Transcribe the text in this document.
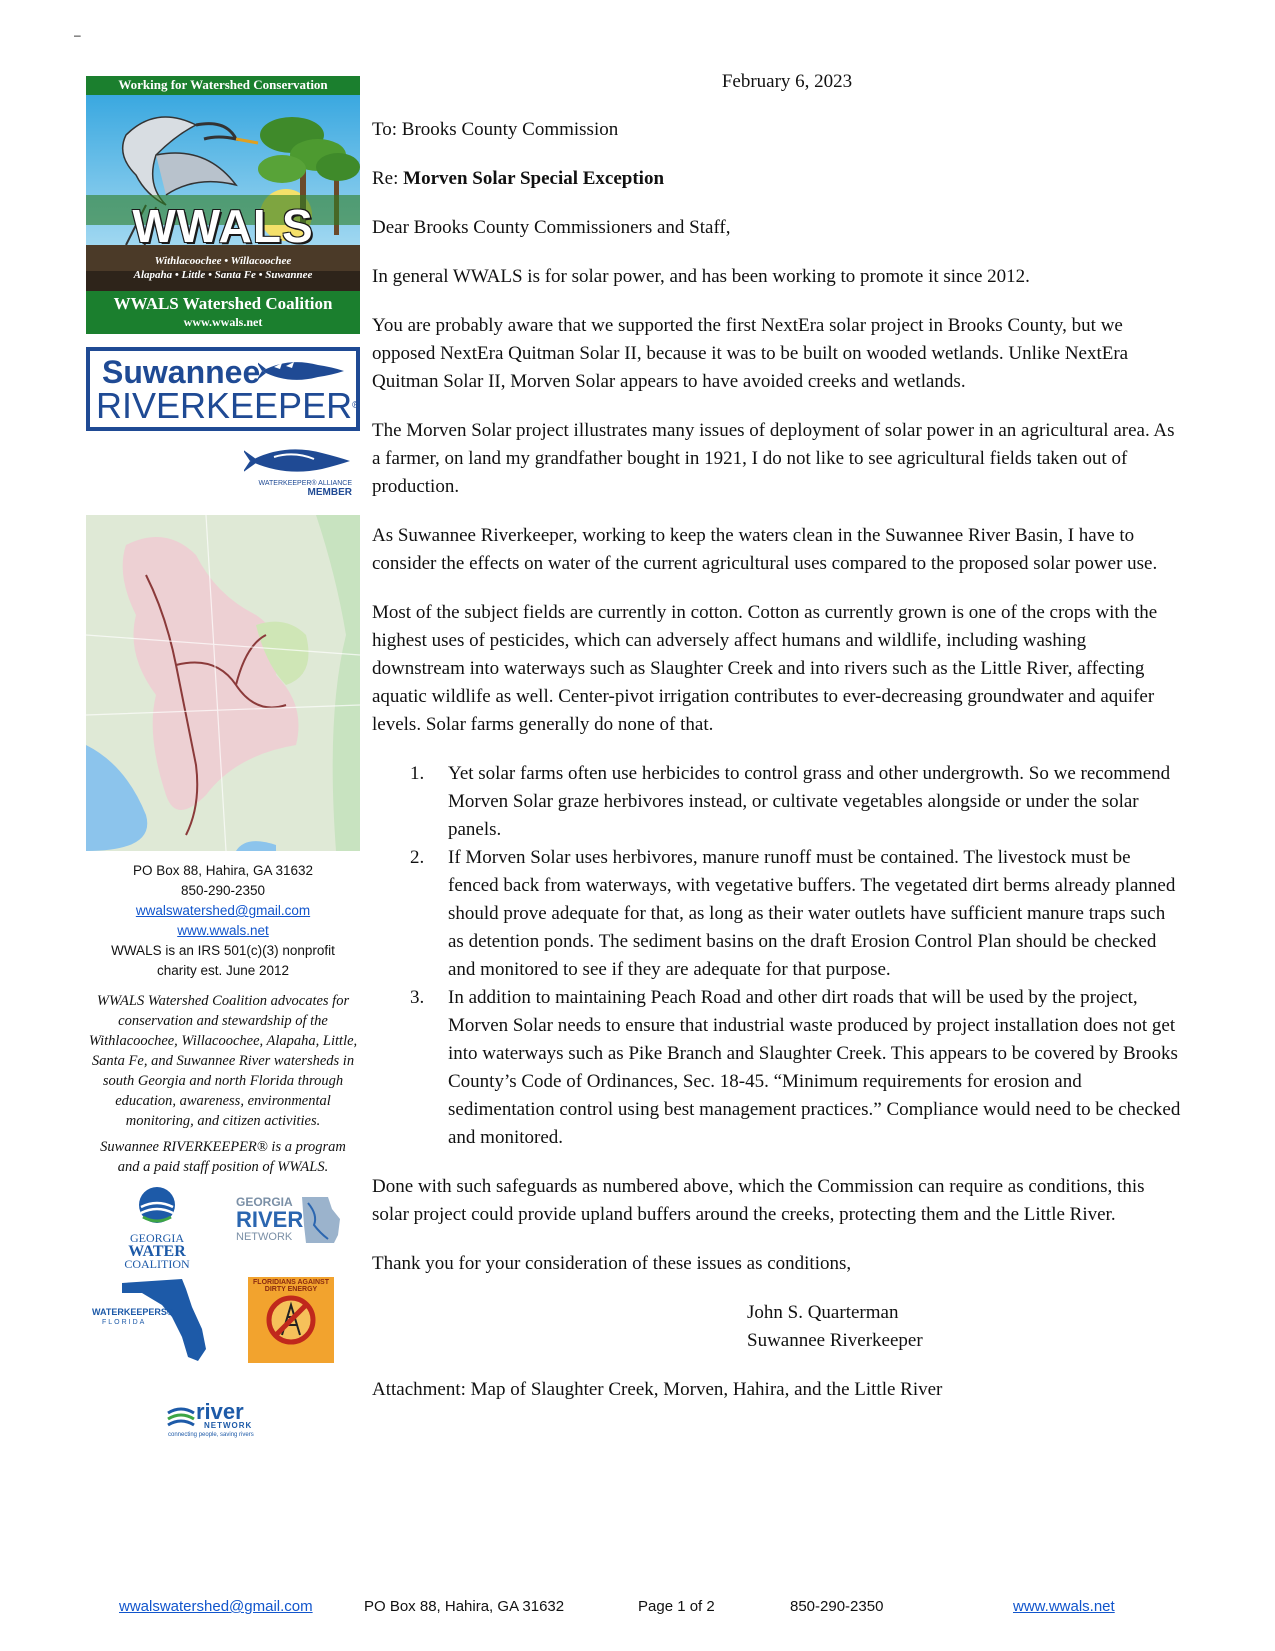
–
Working for Watershed Conservation
WWALS
Withlacoochee • Willacoochee
Alapaha • Little • Santa Fe • Suwannee
WWALS Watershed Coalition
www.wwals.net
Suwannee
RIVERKEEPER®
WATERKEEPER® ALLIANCE
MEMBER
PO Box 88, Hahira, GA 31632
850-290-2350
wwalswatershed@gmail.com
www.wwals.net
WWALS is an IRS 501(c)(3) nonprofit
charity est. June 2012
WWALS Watershed Coalition advocates for conservation and stewardship of the Withlacoochee, Willacoochee, Alapaha, Little, Santa Fe, and Suwannee River watersheds in south Georgia and north Florida through education, awareness, environmental monitoring, and citizen activities.
Suwannee RIVERKEEPER® is a program and a paid staff position of WWALS.
GEORGIA
WATER
COALITION
GEORGIA
RIVER
NETWORK
WATERKEEPERS®
FLORIDA
FLORIDIANS AGAINST DIRTY ENERGY
river
NETWORK
connecting people, saving rivers
February 6, 2023

To: Brooks County Commission

Re: Morven Solar Special Exception

Dear Brooks County Commissioners and Staff,

In general WWALS is for solar power, and has been working to promote it since 2012.

You are probably aware that we supported the first NextEra solar project in Brooks County, but we opposed NextEra Quitman Solar II, because it was to be built on wooded wetlands. Unlike NextEra Quitman Solar II, Morven Solar appears to have avoided creeks and wetlands.

The Morven Solar project illustrates many issues of deployment of solar power in an agricultural area. As a farmer, on land my grandfather bought in 1921, I do not like to see agricultural fields taken out of production.

As Suwannee Riverkeeper, working to keep the waters clean in the Suwannee River Basin, I have to consider the effects on water of the current agricultural uses compared to the proposed solar power use.

Most of the subject fields are currently in cotton. Cotton as currently grown is one of the crops with the highest uses of pesticides, which can adversely affect humans and wildlife, including washing downstream into waterways such as Slaughter Creek and into rivers such as the Little River, affecting aquatic wildlife as well. Center-pivot irrigation contributes to ever-decreasing groundwater and aquifer levels. Solar farms generally do none of that.

1. Yet solar farms often use herbicides to control grass and other undergrowth. So we recommend Morven Solar graze herbivores instead, or cultivate vegetables alongside or under the solar panels.
2. If Morven Solar uses herbivores, manure runoff must be contained. The livestock must be fenced back from waterways, with vegetative buffers. The vegetated dirt berms already planned should prove adequate for that, as long as their water outlets have sufficient manure traps such as detention ponds. The sediment basins on the draft Erosion Control Plan should be checked and monitored to see if they are adequate for that purpose.
3. In addition to maintaining Peach Road and other dirt roads that will be used by the project, Morven Solar needs to ensure that industrial waste produced by project installation does not get into waterways such as Pike Branch and Slaughter Creek. This appears to be covered by Brooks County’s Code of Ordinances, Sec. 18-45. “Minimum requirements for erosion and sedimentation control using best management practices.” Compliance would need to be checked and monitored.

Done with such safeguards as numbered above, which the Commission can require as conditions, this solar project could provide upland buffers around the creeks, protecting them and the Little River.

Thank you for your consideration of these issues as conditions,

John S. Quarterman
Suwannee Riverkeeper

Attachment: Map of Slaughter Creek, Morven, Hahira, and the Little River

wwalswatershed@gmail.com	PO Box 88, Hahira, GA 31632	Page 1 of 2	850-290-2350	www.wwals.net
